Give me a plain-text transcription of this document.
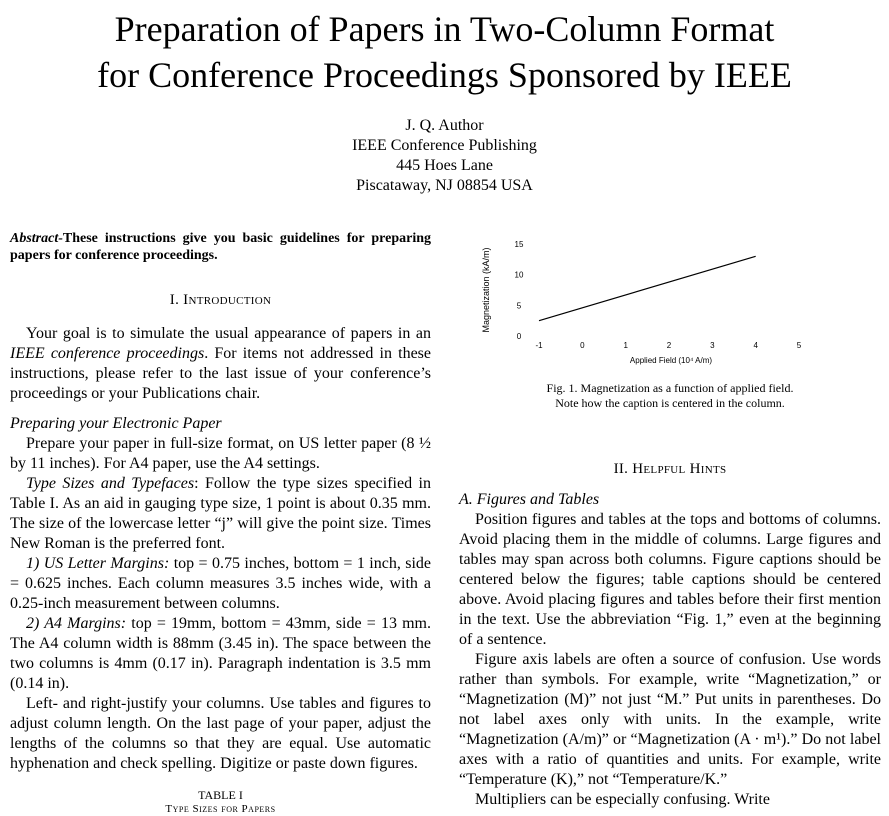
Preparation of Papers in Two-Column Format
for Conference Proceedings Sponsored by IEEE
J. Q. Author
IEEE Conference Publishing
445 Hoes Lane
Piscataway, NJ 08854 USA
Abstract-These instructions give you basic guidelines for preparing papers for conference proceedings.
I. Introduction

Your goal is to simulate the usual appearance of papers in an IEEE conference proceedings. For items not addressed in these instructions, please refer to the last issue of your conference’s proceedings or your Publications chair.

Preparing your Electronic Paper

Prepare your paper in full-size format, on US letter paper (8 ½ by 11 inches). For A4 paper, use the A4 settings.

Type Sizes and Typefaces: Follow the type sizes specified in Table I. As an aid in gauging type size, 1 point is about 0.35 mm. The size of the lowercase letter “j” will give the point size. Times New Roman is the preferred font.

1) US Letter Margins: top = 0.75 inches, bottom = 1 inch, side = 0.625 inches. Each column measures 3.5 inches wide, with a 0.25-inch measurement between columns.

2) A4 Margins: top = 19mm, bottom = 43mm, side = 13 mm. The A4 column width is 88mm (3.45 in). The space between the two columns is 4mm (0.17 in). Paragraph indentation is 3.5 mm (0.14 in).

Left- and right-justify your columns. Use tables and figures to adjust column length. On the last page of your paper, adjust the lengths of the columns so that they are equal. Use automatic hyphenation and check spelling. Digitize or paste down figures.

TABLE I
Type Sizes for Papers
0
5
10
15
-1	0	1	2	3	4	5
Magnetization (kA/m)
Applied Field (10⁴ A/m)
Fig. 1. Magnetization as a function of applied field.
Note how the caption is centered in the column.
II. Helpful Hints
A. Figures and Tables

Position figures and tables at the tops and bottoms of columns. Avoid placing them in the middle of columns. Large figures and tables may span across both columns. Figure captions should be centered below the figures; table captions should be centered above. Avoid placing figures and tables before their first mention in the text. Use the abbreviation “Fig. 1,” even at the beginning of a sentence.

Figure axis labels are often a source of confusion. Use words rather than symbols. For example, write “Magnetization,” or “Magnetization (M)” not just “M.” Put units in parentheses. Do not label axes only with units. In the example, write “Magnetization (A/m)” or “Magnetization (A · m¹).” Do not label axes with a ratio of quantities and units. For example, write “Temperature (K),” not “Temperature/K.”

Multipliers can be especially confusing. Write
